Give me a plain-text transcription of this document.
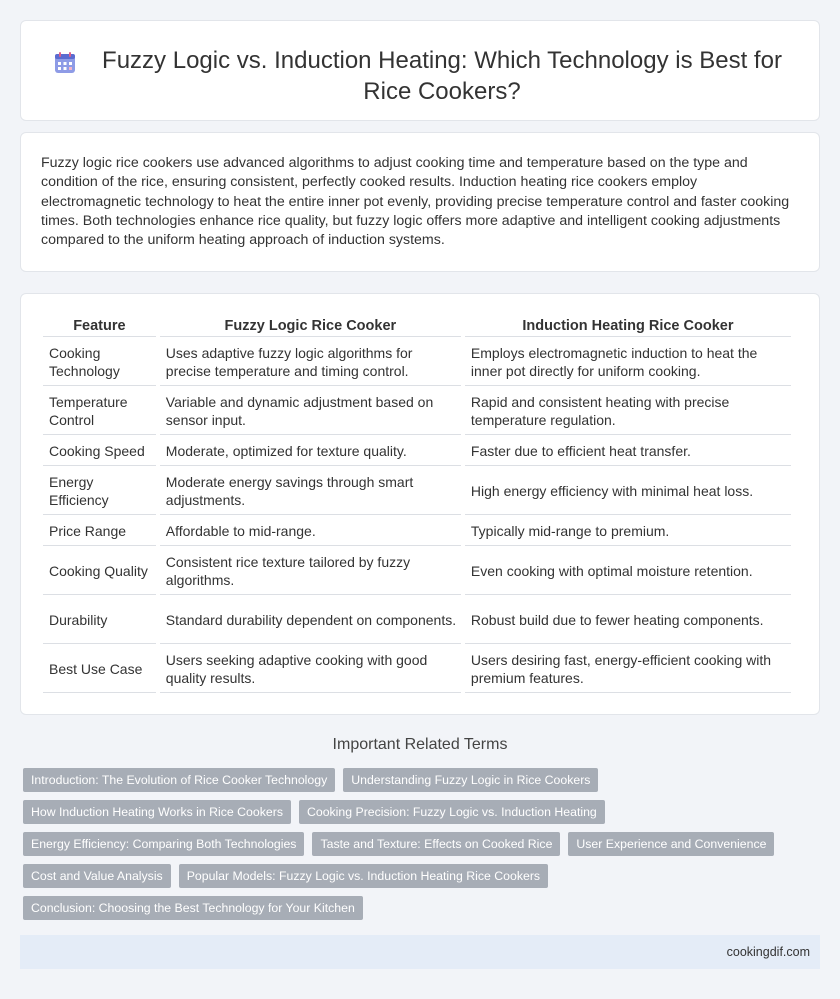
Fuzzy Logic vs. Induction Heating: Which Technology is Best for Rice Cookers?

Fuzzy logic rice cookers use advanced algorithms to adjust cooking time and temperature based on the type and condition of the rice, ensuring consistent, perfectly cooked results. Induction heating rice cookers employ electromagnetic technology to heat the entire inner pot evenly, providing precise temperature control and faster cooking times. Both technologies enhance rice quality, but fuzzy logic offers more adaptive and intelligent cooking adjustments compared to the uniform heating approach of induction systems.

Feature	Fuzzy Logic Rice Cooker	Induction Heating Rice Cooker
Cooking Technology	Uses adaptive fuzzy logic algorithms for precise temperature and timing control.	Employs electromagnetic induction to heat the inner pot directly for uniform cooking.
Temperature Control	Variable and dynamic adjustment based on sensor input.	Rapid and consistent heating with precise temperature regulation.
Cooking Speed	Moderate, optimized for texture quality.	Faster due to efficient heat transfer.
Energy Efficiency	Moderate energy savings through smart adjustments.	High energy efficiency with minimal heat loss.
Price Range	Affordable to mid-range.	Typically mid-range to premium.
Cooking Quality	Consistent rice texture tailored by fuzzy algorithms.	Even cooking with optimal moisture retention.
Durability	Standard durability dependent on components.	Robust build due to fewer heating components.
Best Use Case	Users seeking adaptive cooking with good quality results.	Users desiring fast, energy-efficient cooking with premium features.
Important Related Terms
Introduction: The Evolution of Rice Cooker Technology	Understanding Fuzzy Logic in Rice Cookers
How Induction Heating Works in Rice Cookers	Cooking Precision: Fuzzy Logic vs. Induction Heating
Energy Efficiency: Comparing Both Technologies	Taste and Texture: Effects on Cooked Rice	User Experience and Convenience
Cost and Value Analysis	Popular Models: Fuzzy Logic vs. Induction Heating Rice Cookers
Conclusion: Choosing the Best Technology for Your Kitchen
cookingdif.com
